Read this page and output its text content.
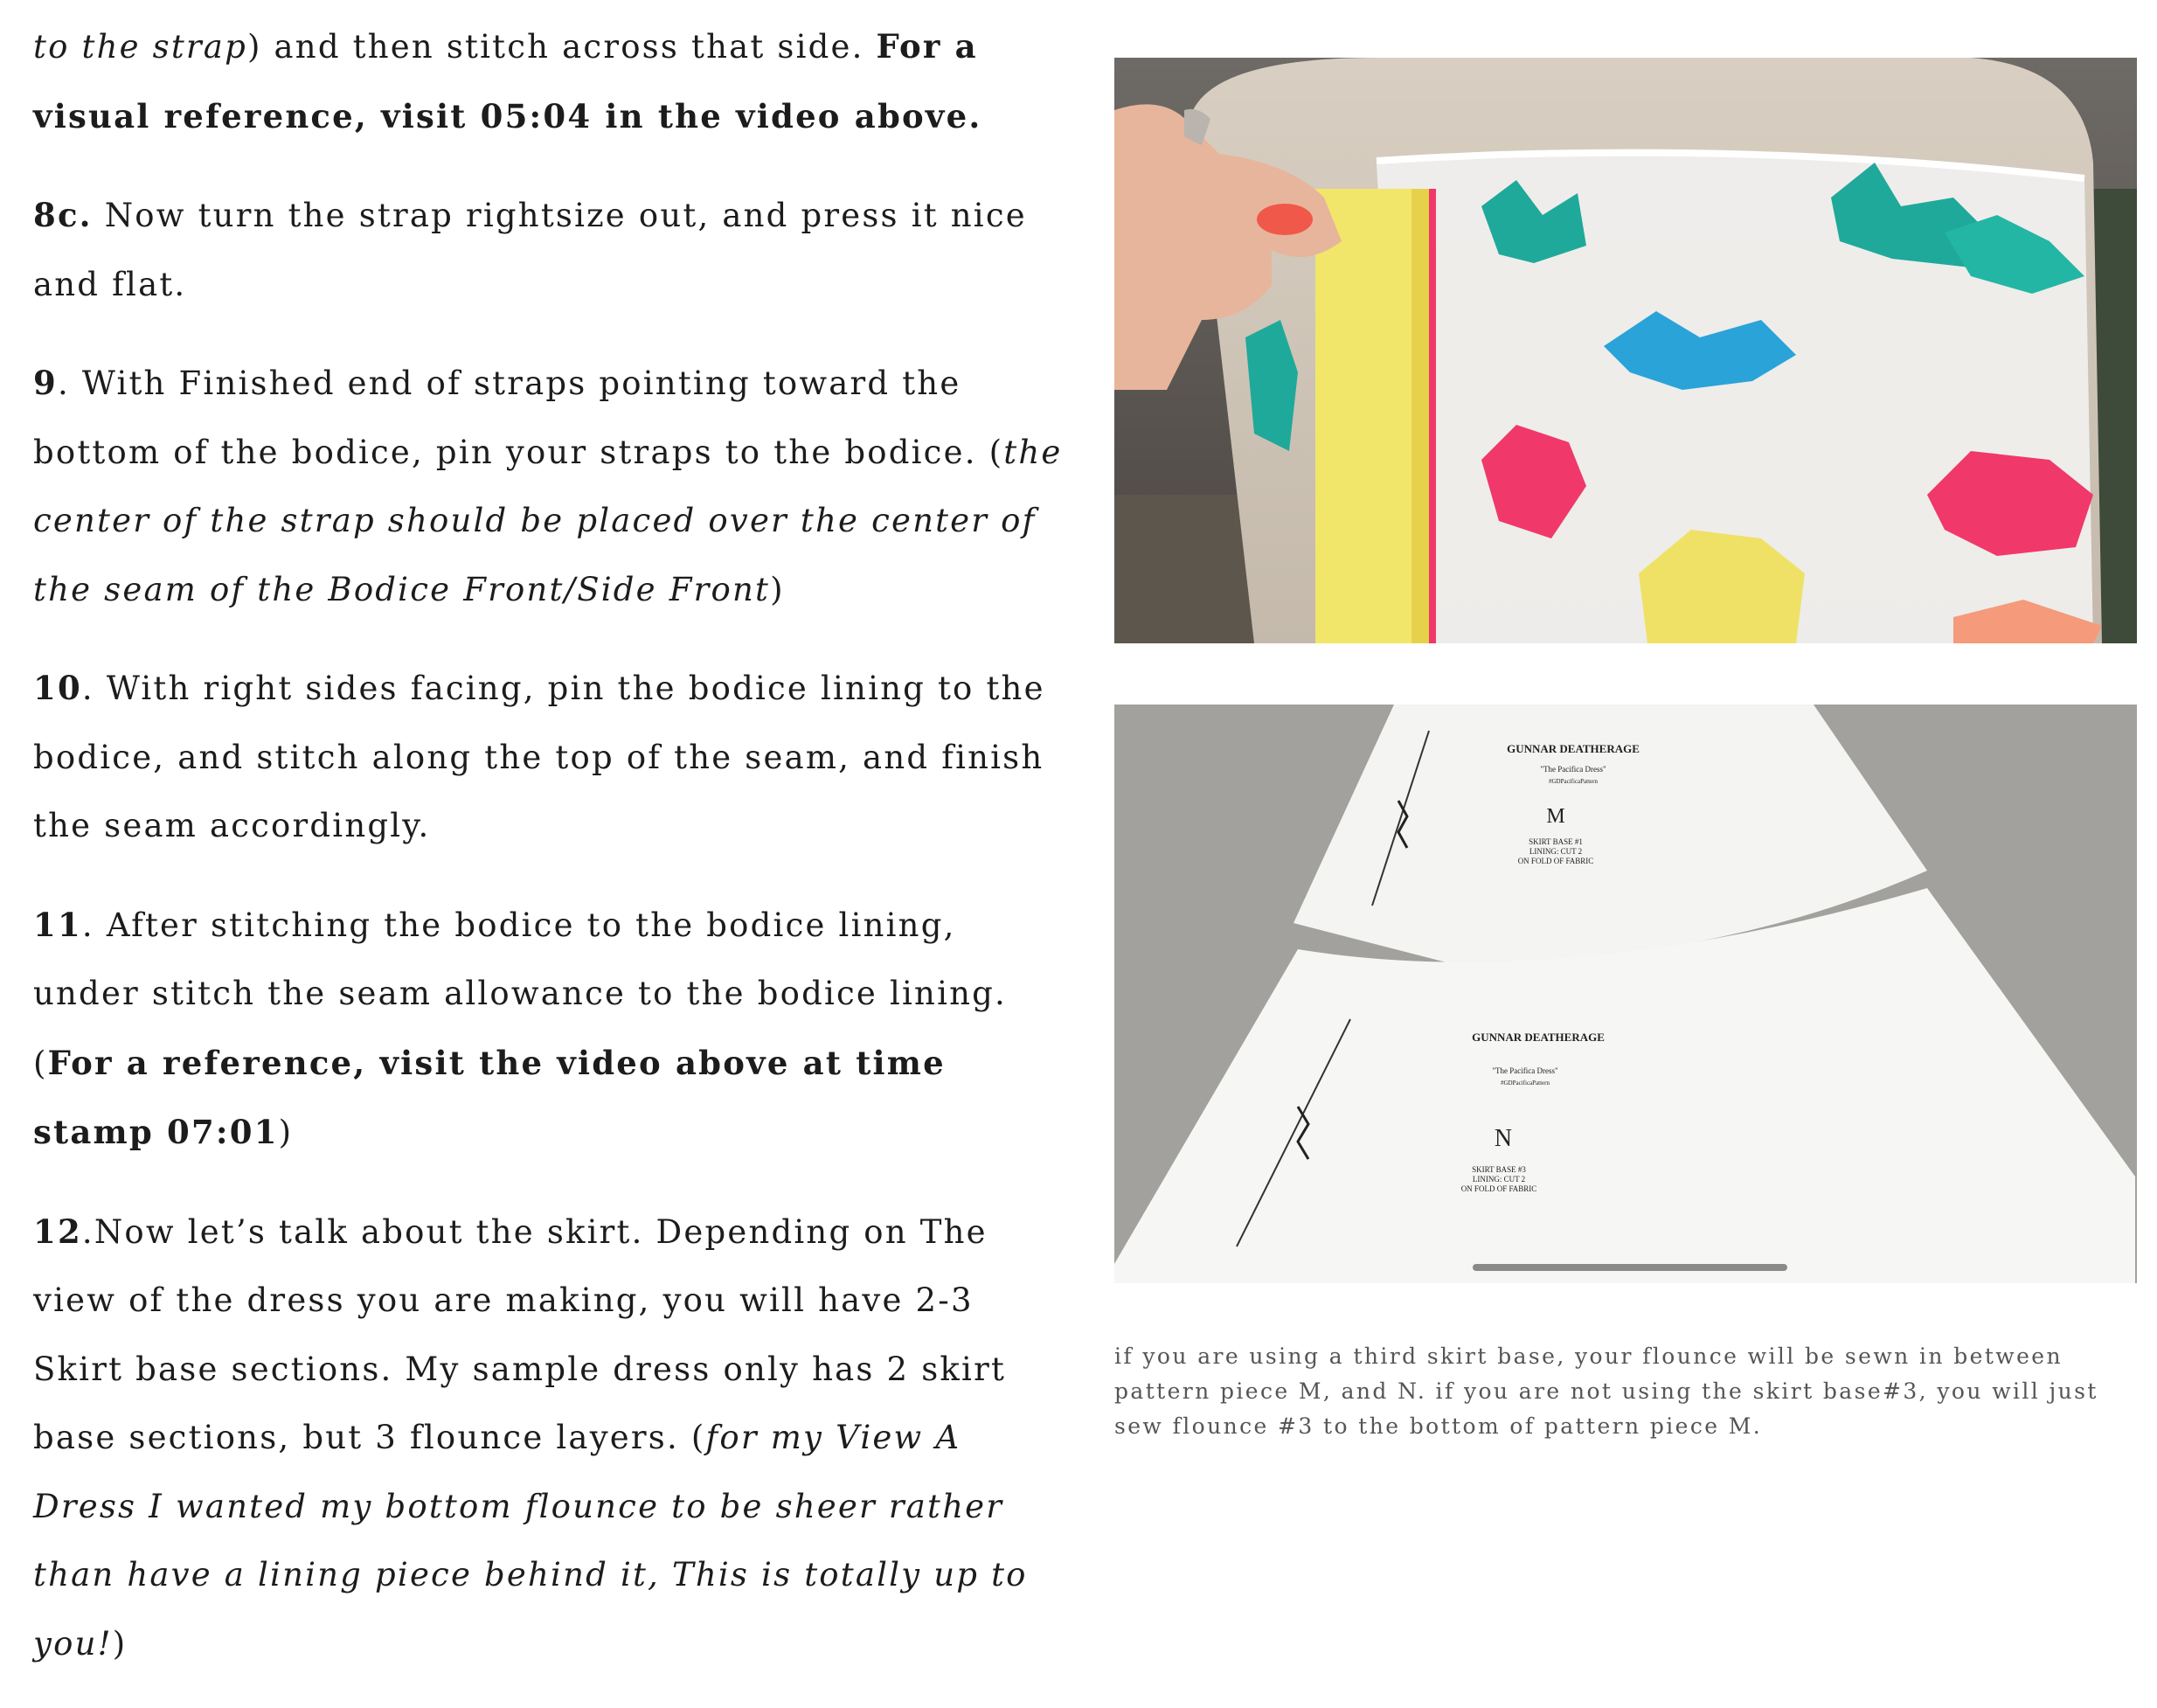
to the strap) and then stitch across that side. For a visual reference, visit 05:04 in the video above.

8c. Now turn the strap rightsize out, and press it nice and flat.

9. With Finished end of straps pointing toward the bottom of the bodice, pin your straps to the bodice. (the center of the strap should be placed over the center of the seam of the Bodice Front/Side Front)

10. With right sides facing, pin the bodice lining to the bodice, and stitch along the top of the seam, and finish the seam accordingly.

11. After stitching the bodice to the bodice lining, under stitch the seam allowance to the bodice lining. (For a reference, visit the video above at time stamp 07:01)

12.Now let’s talk about the skirt. Depending on The view of the dress you are making, you will have 2-3 Skirt base sections. My sample dress only has 2 skirt base sections, but 3 flounce layers. (for my View A Dress I wanted my bottom flounce to be sheer rather than have a lining piece behind it, This is totally up to you!)

GUNNAR DEATHERAGE
"The Pacifica Dress"
#GDPacificaPattern
M
SKIRT BASE #1
LINING: CUT 2
ON FOLD OF FABRIC
GUNNAR DEATHERAGE
"The Pacifica Dress"
#GDPacificaPattern
N
SKIRT BASE #3
LINING: CUT 2
ON FOLD OF FABRIC
if you are using a third skirt base, your flounce will be sewn in between pattern piece M, and N. if you are not using the skirt base#3, you will just sew flounce #3 to the bottom of pattern piece M.
